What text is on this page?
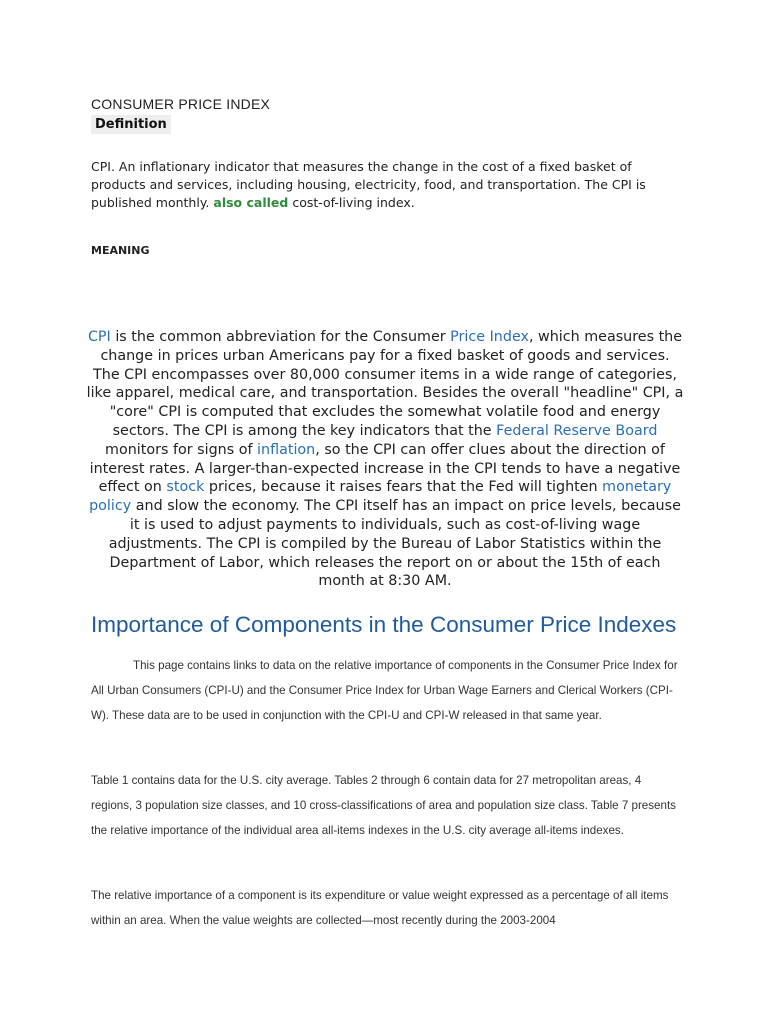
CONSUMER PRICE INDEX
Definition
CPI. An inflationary indicator that measures the change in the cost of a fixed basket of products and services, including housing, electricity, food, and transportation. The CPI is published monthly. also called cost-of-living index.
MEANING
CPI is the common abbreviation for the Consumer Price Index, which measures the change in prices urban Americans pay for a fixed basket of goods and services. The CPI encompasses over 80,000 consumer items in a wide range of categories, like apparel, medical care, and transportation. Besides the overall "headline" CPI, a "core" CPI is computed that excludes the somewhat volatile food and energy sectors. The CPI is among the key indicators that the Federal Reserve Board monitors for signs of inflation, so the CPI can offer clues about the direction of interest rates. A larger-than-expected increase in the CPI tends to have a negative effect on stock prices, because it raises fears that the Fed will tighten monetary policy and slow the economy. The CPI itself has an impact on price levels, because it is used to adjust payments to individuals, such as cost-of-living wage adjustments. The CPI is compiled by the Bureau of Labor Statistics within the Department of Labor, which releases the report on or about the 15th of each month at 8:30 AM.
Importance of Components in the Consumer Price Indexes
This page contains links to data on the relative importance of components in the Consumer Price Index for All Urban Consumers (CPI-U) and the Consumer Price Index for Urban Wage Earners and Clerical Workers (CPI-W). These data are to be used in conjunction with the CPI-U and CPI-W released in that same year.
Table 1 contains data for the U.S. city average. Tables 2 through 6 contain data for 27 metropolitan areas, 4 regions, 3 population size classes, and 10 cross-classifications of area and population size class. Table 7 presents the relative importance of the individual area all-items indexes in the U.S. city average all-items indexes.
The relative importance of a component is its expenditure or value weight expressed as a percentage of all items within an area. When the value weights are collected—most recently during the 2003-2004
